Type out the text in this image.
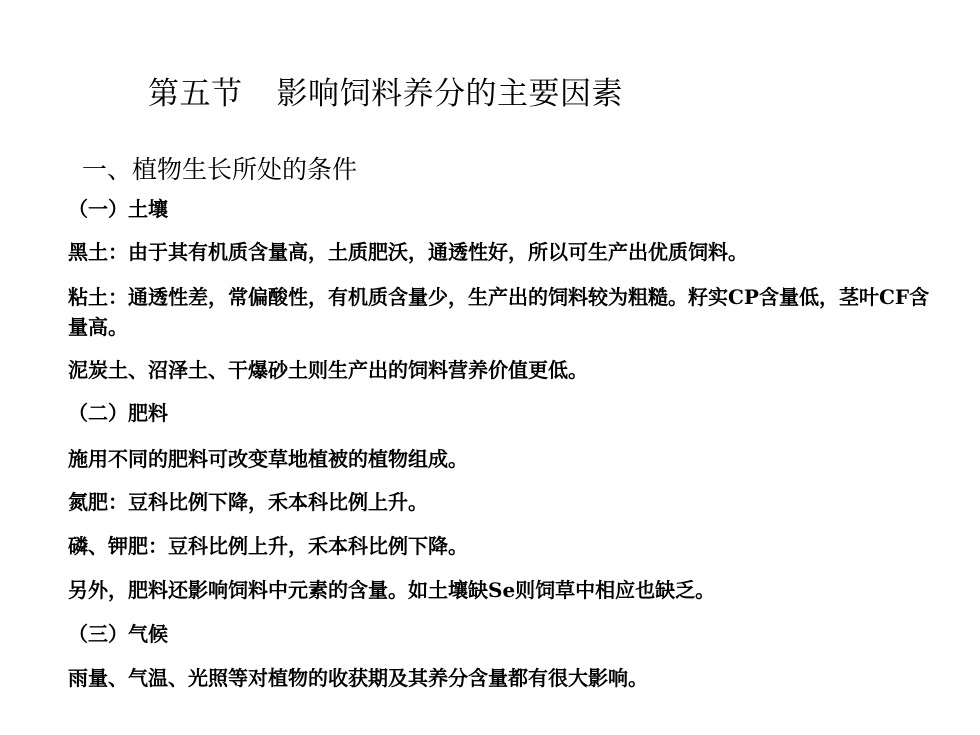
第五节 影响饲料养分的主要因素
一、植物生长所处的条件
（一）土壤
黑土：由于其有机质含量高，土质肥沃，通透性好，所以可生产出优质饲料。
粘土：通透性差，常偏酸性，有机质含量少，生产出的饲料较为粗糙。籽实CP含量低，茎叶CF含量高。
泥炭土、沼泽土、干爆砂土则生产出的饲料营养价值更低。
（二）肥料
施用不同的肥料可改变草地植被的植物组成。
氮肥：豆科比例下降，禾本科比例上升。
磷、钾肥：豆科比例上升，禾本科比例下降。
另外，肥料还影响饲料中元素的含量。如土壤缺Se则饲草中相应也缺乏。
（三）气候
雨量、气温、光照等对植物的收获期及其养分含量都有很大影响。
